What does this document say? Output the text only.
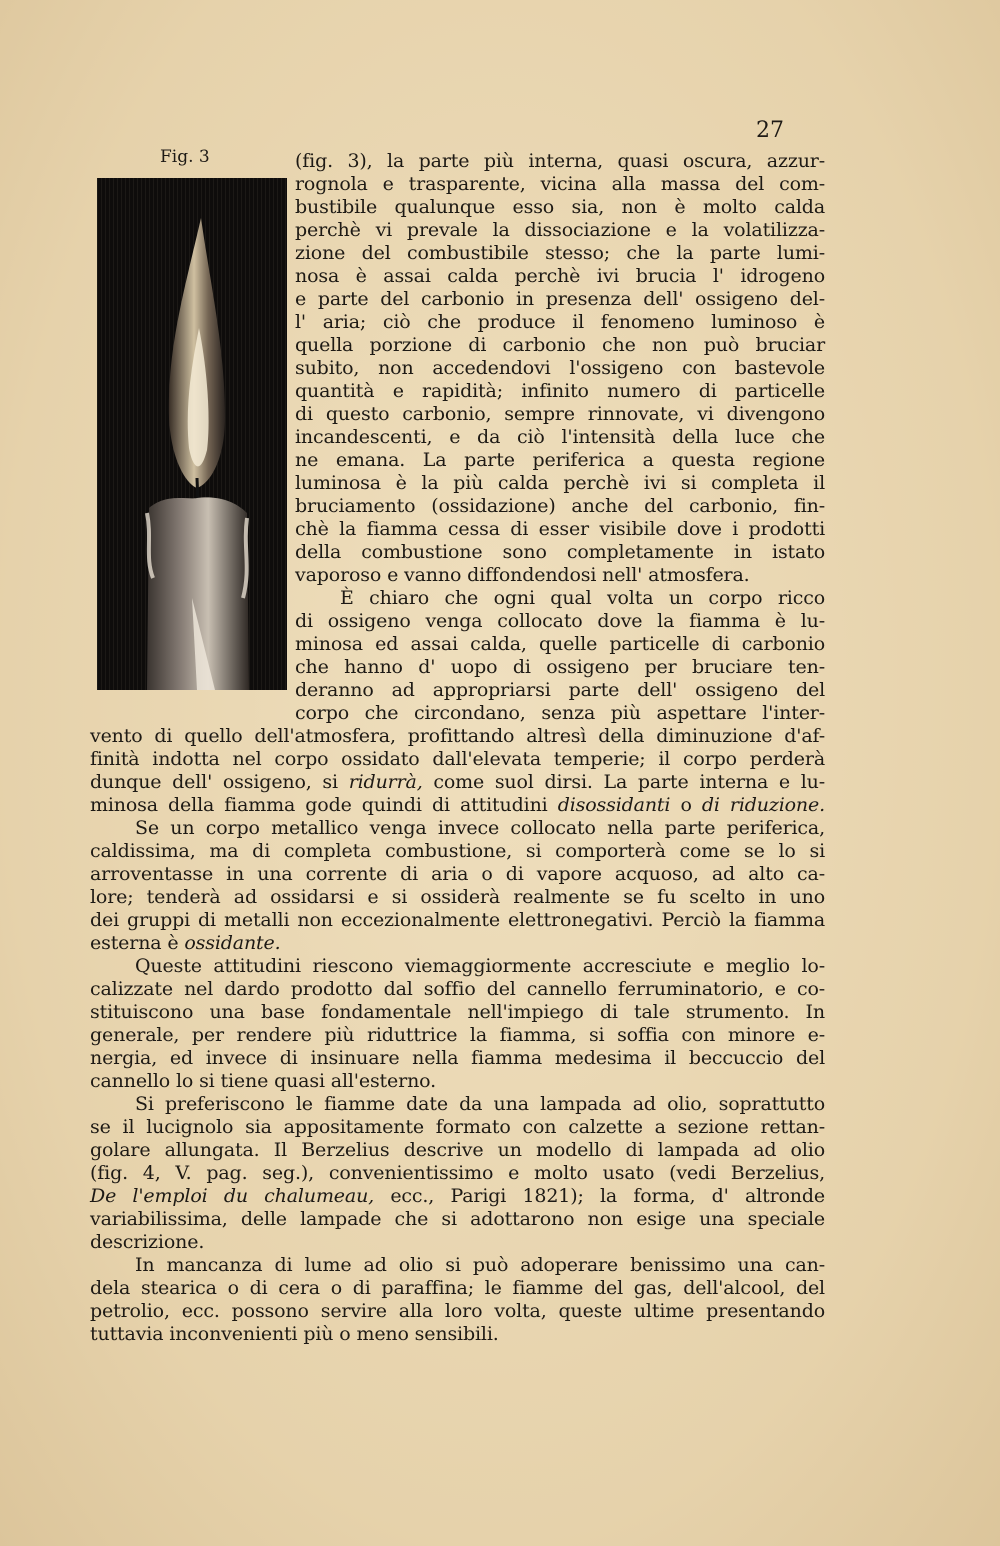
27
Fig. 3	(fig. 3), la parte più interna, quasi oscura, azzur-
rognola e trasparente, vicina alla massa del com-
bustibile qualunque esso sia, non è molto calda
perchè vi prevale la dissociazione e la volatilizza-
zione del combustibile stesso; che la parte lumi-
nosa è assai calda perchè ivi brucia l' idrogeno
e parte del carbonio in presenza dell' ossigeno del-
l' aria; ciò che produce il fenomeno luminoso è
quella porzione di carbonio che non può bruciar
subito, non accedendovi l'ossigeno con bastevole
quantità e rapidità; infinito numero di particelle
di questo carbonio, sempre rinnovate, vi divengono
incandescenti, e da ciò l'intensità della luce che
ne emana. La parte periferica a questa regione
luminosa è la più calda perchè ivi si completa il
bruciamento (ossidazione) anche del carbonio, fin-
chè la fiamma cessa di esser visibile dove i prodotti
della combustione sono completamente in istato
vaporoso e vanno diffondendosi nell' atmosfera.
È chiaro che ogni qual volta un corpo ricco
di ossigeno venga collocato dove la fiamma è lu-
minosa ed assai calda, quelle particelle di carbonio
che hanno d' uopo di ossigeno per bruciare ten-
deranno ad appropriarsi parte dell' ossigeno del
corpo che circondano, senza più aspettare l'inter-
vento di quello dell'atmosfera, profittando altresì della diminuzione d'af-
finità indotta nel corpo ossidato dall'elevata temperie; il corpo perderà
dunque dell' ossigeno, si ridurrà, come suol dirsi. La parte interna e lu-
minosa della fiamma gode quindi di attitudini disossidanti o di riduzione.
Se un corpo metallico venga invece collocato nella parte periferica,
caldissima, ma di completa combustione, si comporterà come se lo si
arroventasse in una corrente di aria o di vapore acquoso, ad alto ca-
lore; tenderà ad ossidarsi e si ossiderà realmente se fu scelto in uno
dei gruppi di metalli non eccezionalmente elettronegativi. Perciò la fiamma
esterna è ossidante.
Queste attitudini riescono viemaggiormente accresciute e meglio lo-
calizzate nel dardo prodotto dal soffio del cannello ferruminatorio, e co-
stituiscono una base fondamentale nell'impiego di tale strumento. In
generale, per rendere più riduttrice la fiamma, si soffia con minore e-
nergia, ed invece di insinuare nella fiamma medesima il beccuccio del
cannello lo si tiene quasi all'esterno.
Si preferiscono le fiamme date da una lampada ad olio, soprattutto
se il lucignolo sia appositamente formato con calzette a sezione rettan-
golare allungata. Il Berzelius descrive un modello di lampada ad olio
(fig. 4, V. pag. seg.), convenientissimo e molto usato (vedi Berzelius,
De l'emploi du chalumeau, ecc., Parigi 1821); la forma, d' altronde
variabilissima, delle lampade che si adottarono non esige una speciale
descrizione.
In mancanza di lume ad olio si può adoperare benissimo una can-
dela stearica o di cera o di paraffina; le fiamme del gas, dell'alcool, del
petrolio, ecc. possono servire alla loro volta, queste ultime presentando
tuttavia inconvenienti più o meno sensibili.
